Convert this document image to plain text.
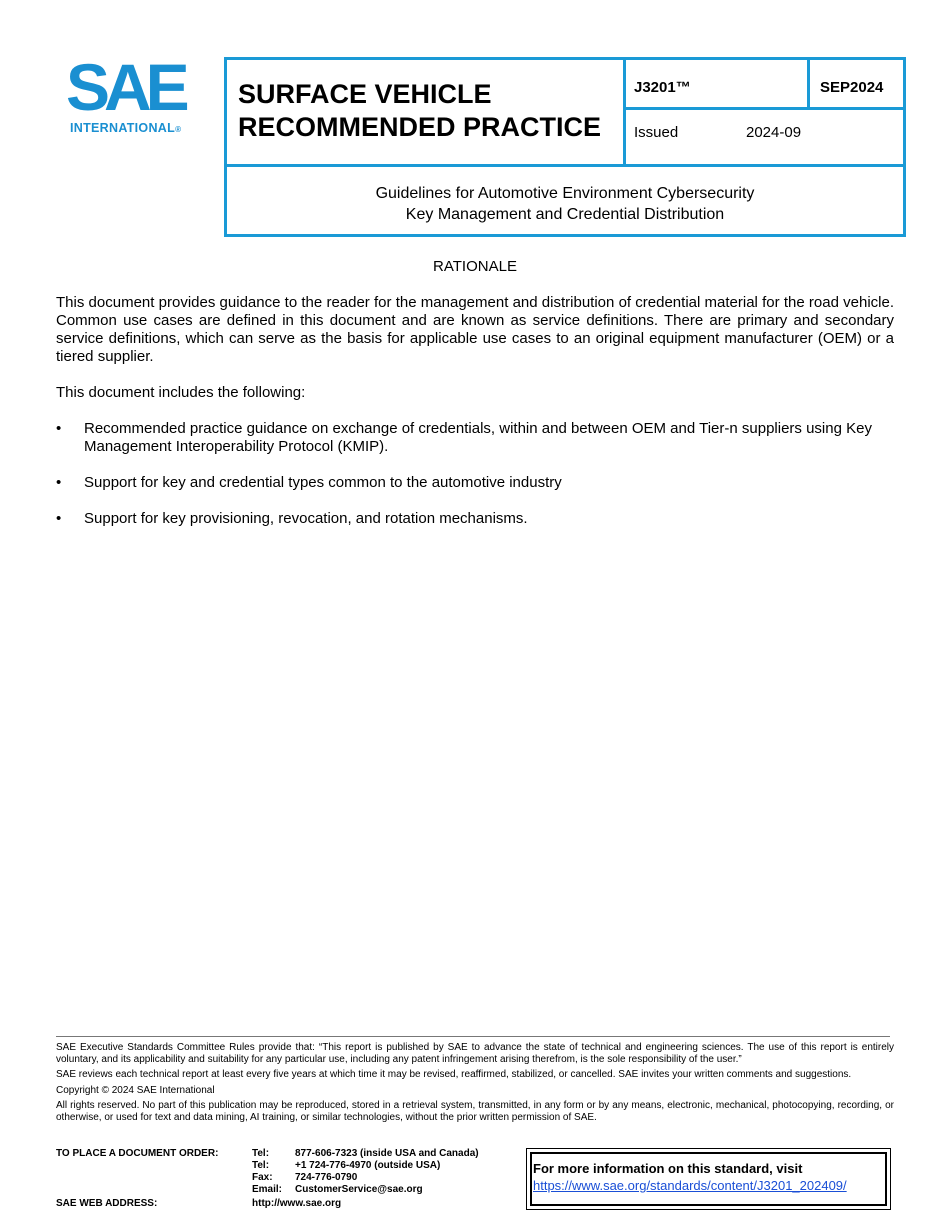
SAE
INTERNATIONAL®
SURFACE VEHICLE
RECOMMENDED PRACTICE
J3201™	SEP2024
Issued	2024-09
Guidelines for Automotive Environment Cybersecurity
Key Management and Credential Distribution

RATIONALE

This document provides guidance to the reader for the management and distribution of credential material for the road vehicle. Common use cases are defined in this document and are known as service definitions. There are primary and secondary service definitions, which can serve as the basis for applicable use cases to an original equipment manufacturer (OEM) or a tiered supplier.

This document includes the following:

• Recommended practice guidance on exchange of credentials, within and between OEM and Tier-n suppliers using Key Management Interoperability Protocol (KMIP).
• Support for key and credential types common to the automotive industry
• Support for key provisioning, revocation, and rotation mechanisms.

SAE Executive Standards Committee Rules provide that: “This report is published by SAE to advance the state of technical and engineering sciences. The use of this report is entirely voluntary, and its applicability and suitability for any particular use, including any patent infringement arising therefrom, is the sole responsibility of the user.”

SAE reviews each technical report at least every five years at which time it may be revised, reaffirmed, stabilized, or cancelled. SAE invites your written comments and suggestions.

Copyright © 2024 SAE International

All rights reserved. No part of this publication may be reproduced, stored in a retrieval system, transmitted, in any form or by any means, electronic, mechanical, photocopying, recording, or otherwise, or used for text and data mining, AI training, or similar technologies, without the prior written permission of SAE.

TO PLACE A DOCUMENT ORDER:	Tel:	877-606-7323 (inside USA and Canada)
Tel:	+1 724-776-4970 (outside USA)
Fax: 724-776-0790
Email: CustomerService@sae.org
SAE WEB ADDRESS:	http://www.sae.org
For more information on this standard, visit
https://www.sae.org/standards/content/J3201_202409/
